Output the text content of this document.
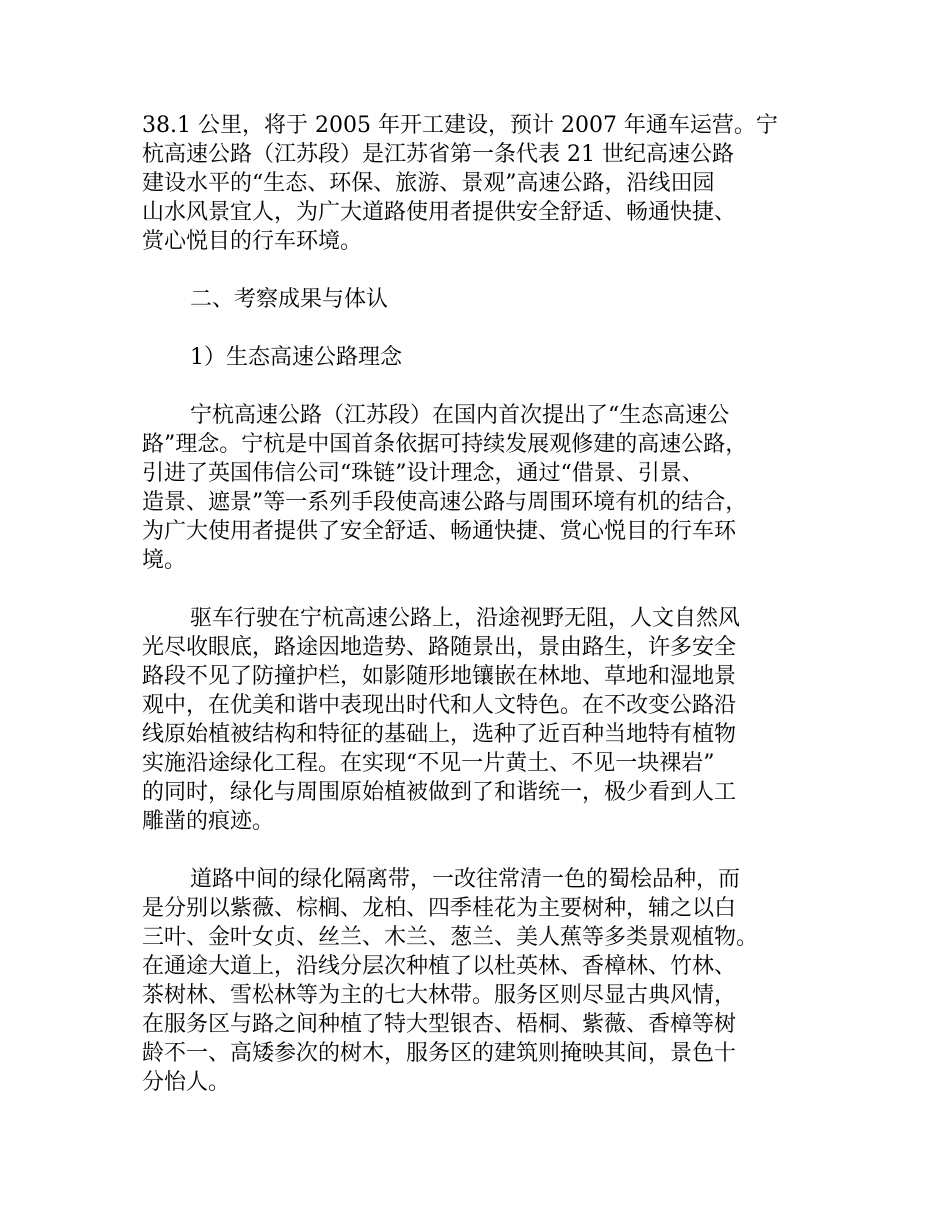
38.1 公里，将于 2005 年开工建设，预计 2007 年通车运营。宁
杭高速公路（江苏段）是江苏省第一条代表 21 世纪高速公路
建设水平的“生态、环保、旅游、景观”高速公路，沿线田园
山水风景宜人，为广大道路使用者提供安全舒适、畅通快捷、
赏心悦目的行车环境。

二、考察成果与体认

1）生态高速公路理念

宁杭高速公路（江苏段）在国内首次提出了“生态高速公
路”理念。宁杭是中国首条依据可持续发展观修建的高速公路，
引进了英国伟信公司“珠链”设计理念，通过“借景、引景、
造景、遮景”等一系列手段使高速公路与周围环境有机的结合，
为广大使用者提供了安全舒适、畅通快捷、赏心悦目的行车环
境。

驱车行驶在宁杭高速公路上，沿途视野无阻，人文自然风
光尽收眼底，路途因地造势、路随景出，景由路生，许多安全
路段不见了防撞护栏，如影随形地镶嵌在林地、草地和湿地景
观中，在优美和谐中表现出时代和人文特色。在不改变公路沿
线原始植被结构和特征的基础上，选种了近百种当地特有植物
实施沿途绿化工程。在实现“不见一片黄土、不见一块裸岩”
的同时，绿化与周围原始植被做到了和谐统一，极少看到人工
雕凿的痕迹。

道路中间的绿化隔离带，一改往常清一色的蜀桧品种，而
是分别以紫薇、棕榈、龙柏、四季桂花为主要树种，辅之以白
三叶、金叶女贞、丝兰、木兰、葱兰、美人蕉等多类景观植物。
在通途大道上，沿线分层次种植了以杜英林、香樟林、竹林、
茶树林、雪松林等为主的七大林带。服务区则尽显古典风情，
在服务区与路之间种植了特大型银杏、梧桐、紫薇、香樟等树
龄不一、高矮参次的树木，服务区的建筑则掩映其间，景色十
分怡人。
